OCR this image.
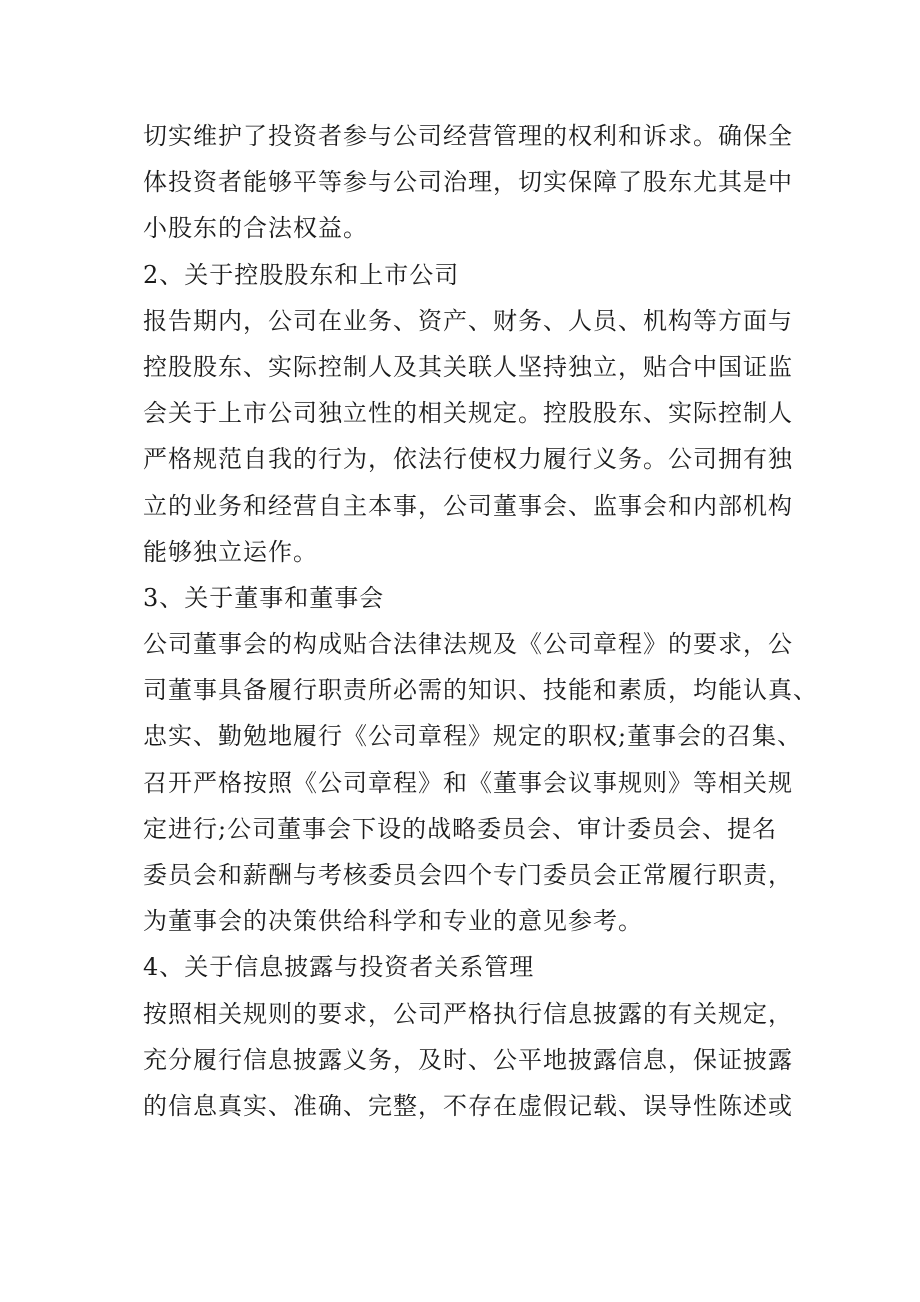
切实维护了投资者参与公司经营管理的权利和诉求。确保全
体投资者能够平等参与公司治理，切实保障了股东尤其是中
小股东的合法权益。
2、关于控股股东和上市公司
报告期内，公司在业务、资产、财务、人员、机构等方面与
控股股东、实际控制人及其关联人坚持独立，贴合中国证监
会关于上市公司独立性的相关规定。控股股东、实际控制人
严格规范自我的行为，依法行使权力履行义务。公司拥有独
立的业务和经营自主本事，公司董事会、监事会和内部机构
能够独立运作。
3、关于董事和董事会
公司董事会的构成贴合法律法规及《公司章程》的要求，公
司董事具备履行职责所必需的知识、技能和素质，均能认真、
忠实、勤勉地履行《公司章程》规定的职权;董事会的召集、
召开严格按照《公司章程》和《董事会议事规则》等相关规
定进行;公司董事会下设的战略委员会、审计委员会、提名
委员会和薪酬与考核委员会四个专门委员会正常履行职责，
为董事会的决策供给科学和专业的意见参考。
4、关于信息披露与投资者关系管理
按照相关规则的要求，公司严格执行信息披露的有关规定，
充分履行信息披露义务，及时、公平地披露信息，保证披露
的信息真实、准确、完整，不存在虚假记载、误导性陈述或
